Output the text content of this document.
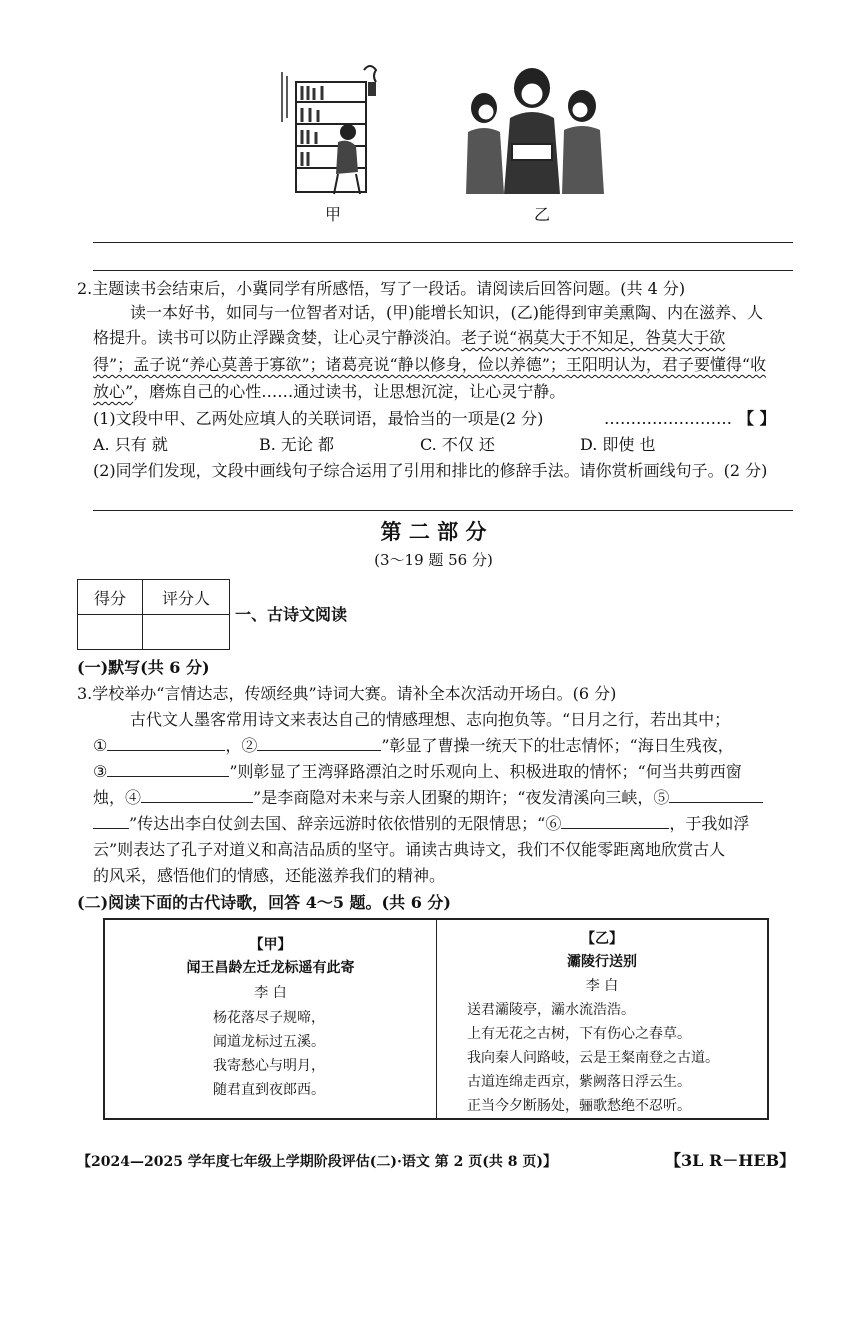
甲	乙
2.主题读书会结束后，小冀同学有所感悟，写了一段话。请阅读后回答问题。(共 4 分)
读一本好书，如同与一位智者对话，(甲)能增长知识，(乙)能得到审美熏陶、内在滋养、人
格提升。读书可以防止浮躁贪婪，让心灵宁静淡泊。老子说“祸莫大于不知足，咎莫大于欲
得”；孟子说“养心莫善于寡欲”；诸葛亮说“静以修身，俭以养德”；王阳明认为，君子要懂得“收
放心”，磨炼自己的心性……通过读书，让思想沉淀，让心灵宁静。
(1)文段中甲、乙两处应填人的关联词语，最恰当的一项是(2 分)	…………………… 【 】
A. 只有 就	B. 无论 都	C. 不仅 还	D. 即使 也
(2)同学们发现，文段中画线句子综合运用了引用和排比的修辞手法。请你赏析画线句子。(2 分)
第 二 部 分
(3～19 题 56 分)
得分	评分人

一、古诗文阅读
(一)默写(共 6 分)
3.学校举办“言情达志，传颂经典”诗词大赛。请补全本次活动开场白。(6 分)
古代文人墨客常用诗文来表达自己的情感理想、志向抱负等。“日月之行，若出其中；
①	，②	”彰显了曹操一统天下的壮志情怀；“海日生残夜，
③	”则彰显了王湾驿路漂泊之时乐观向上、积极进取的情怀；“何当共剪西窗
烛，④	”是李商隐对未来与亲人团聚的期许；“夜发清溪向三峡，⑤
”传达出李白仗剑去国、辞亲远游时依依惜别的无限情思；“⑥	，于我如浮
云”则表达了孔子对道义和高洁品质的坚守。诵读古典诗文，我们不仅能零距离地欣赏古人
的风采，感悟他们的情感，还能滋养我们的精神。
(二)阅读下面的古代诗歌，回答 4～5 题。(共 6 分)
【甲】
闻王昌龄左迁龙标遥有此寄
李 白
杨花落尽子规啼，
闻道龙标过五溪。
我寄愁心与明月，
随君直到夜郎西。
【乙】
灞陵行送别
李 白
送君灞陵亭，灞水流浩浩。
上有无花之古树，下有伤心之春草。
我向秦人问路岐，云是王粲南登之古道。
古道连绵走西京，紫阙落日浮云生。
正当今夕断肠处，骊歌愁绝不忍听。
【2024—2025 学年度七年级上学期阶段评估(二)·语文 第 2 页(共 8 页)】	【3L R－HEB】
